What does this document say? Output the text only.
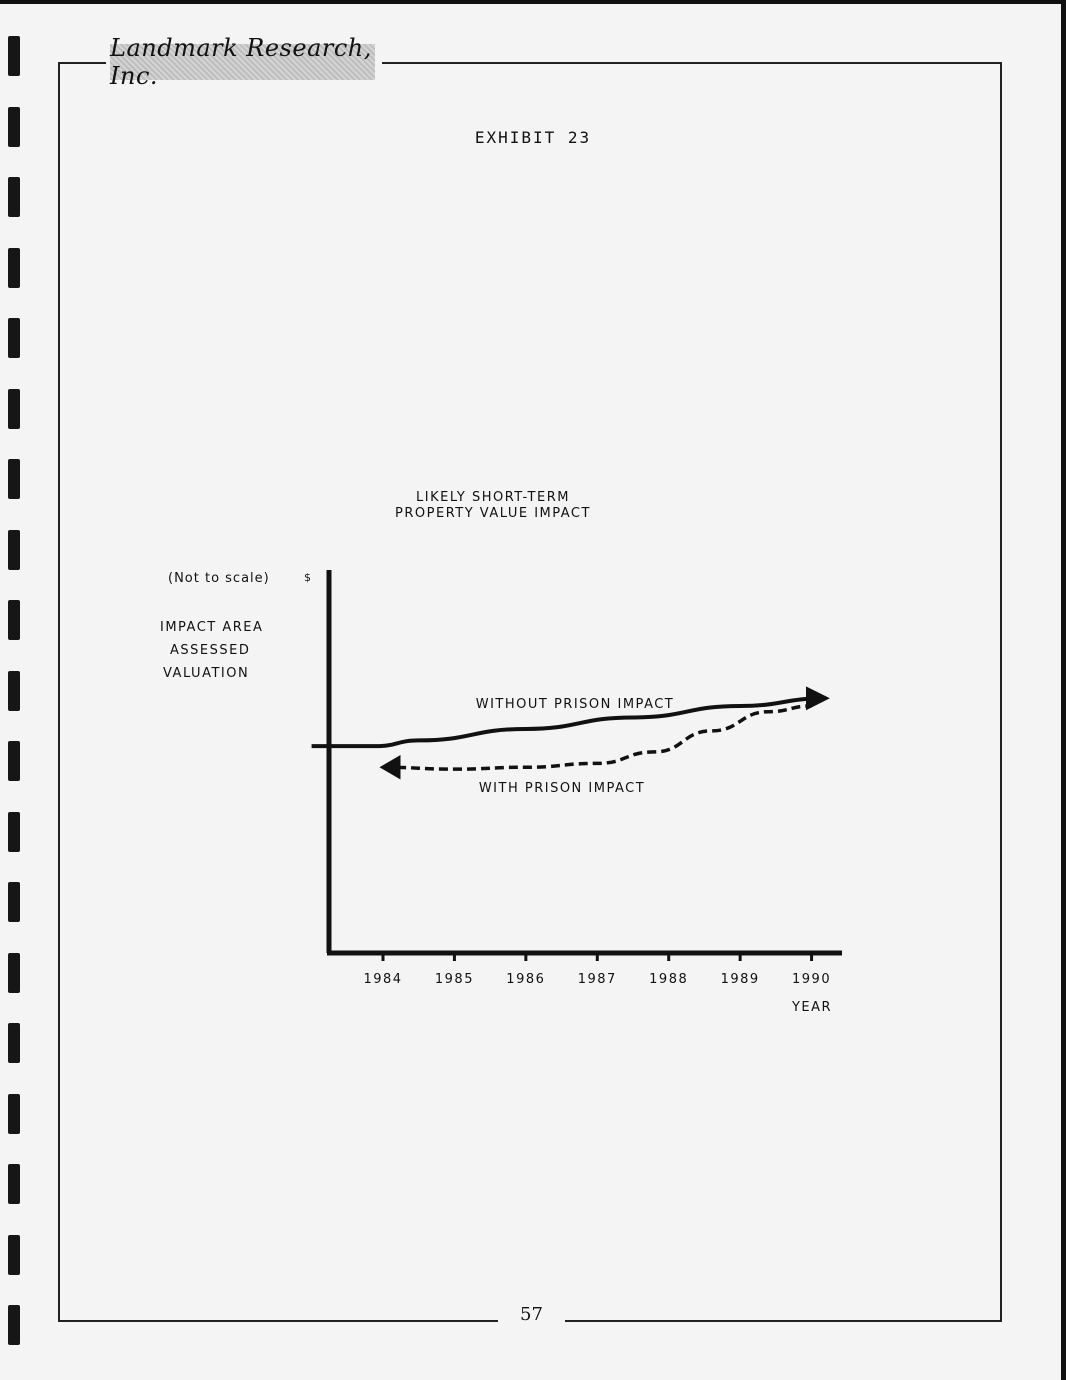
Landmark Research, Inc.
EXHIBIT 23
LIKELY SHORT-TERM
PROPERTY VALUE IMPACT
(Not to scale)
IMPACT AREA
ASSESSED
VALUATION
$
1984 1985 1986 1987 1988 1989 1990
YEAR
WITHOUT PRISON IMPACT
WITH PRISON IMPACT
57
